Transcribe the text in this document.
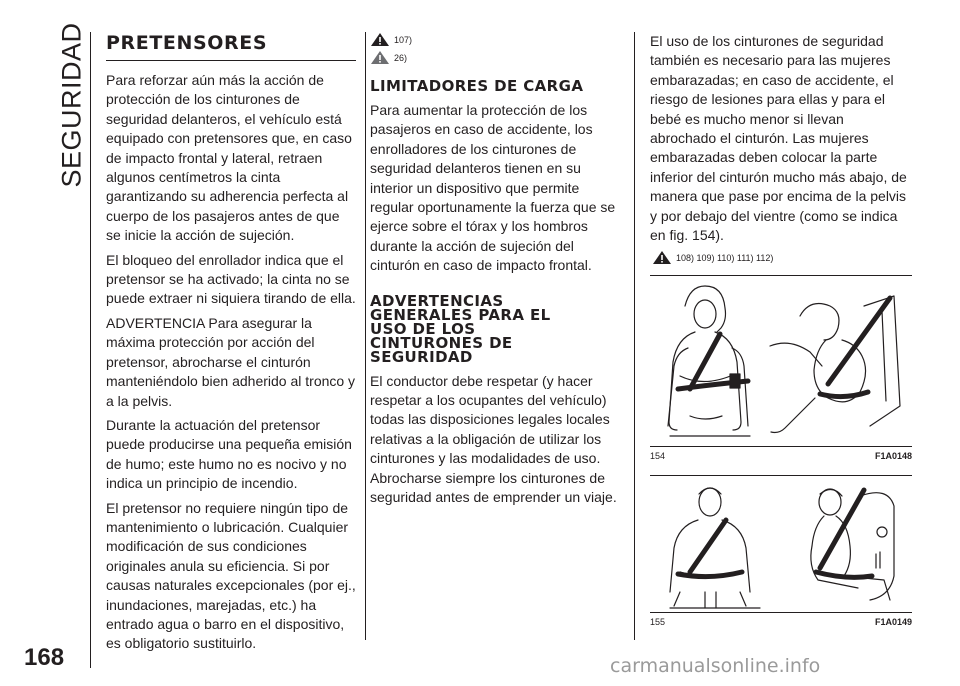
SEGURIDAD
168
PRETENSORES

Para reforzar aún más la acción de protección de los cinturones de seguridad delanteros, el vehículo está equipado con pretensores que, en caso de impacto frontal y lateral, retraen algunos centímetros la cinta garantizando su adherencia perfecta al cuerpo de los pasajeros antes de que se inicie la acción de sujeción.

El bloqueo del enrollador indica que el pretensor se ha activado; la cinta no se puede extraer ni siquiera tirando de ella.

ADVERTENCIA Para asegurar la máxima protección por acción del pretensor, abrocharse el cinturón manteniéndolo bien adherido al tronco y a la pelvis.

Durante la actuación del pretensor puede producirse una pequeña emisión de humo; este humo no es nocivo y no indica un principio de incendio.

El pretensor no requiere ningún tipo de mantenimiento o lubricación. Cualquier modificación de sus condiciones originales anula su eficiencia. Si por causas naturales excepcionales (por ej., inundaciones, marejadas, etc.) ha entrado agua o barro en el dispositivo, es obligatorio sustituirlo.

107)
26)
LIMITADORES DE CARGA

Para aumentar la protección de los pasajeros en caso de accidente, los enrolladores de los cinturones de seguridad delanteros tienen en su interior un dispositivo que permite regular oportunamente la fuerza que se ejerce sobre el tórax y los hombros durante la acción de sujeción del cinturón en caso de impacto frontal.

ADVERTENCIAS
GENERALES PARA EL
USO DE LOS
CINTURONES DE
SEGURIDAD

El conductor debe respetar (y hacer respetar a los ocupantes del vehículo) todas las disposiciones legales locales relativas a la obligación de utilizar los cinturones y las modalidades de uso. Abrocharse siempre los cinturones de seguridad antes de emprender un viaje.

El uso de los cinturones de seguridad también es necesario para las mujeres embarazadas; en caso de accidente, el riesgo de lesiones para ellas y para el bebé es mucho menor si llevan abrochado el cinturón. Las mujeres embarazadas deben colocar la parte inferior del cinturón mucho más abajo, de manera que pase por encima de la pelvis y por debajo del vientre (como se indica en fig. 154).

108) 109) 110) 111) 112)
154	F1A0148
155	F1A0149
carmanualsonline.info
